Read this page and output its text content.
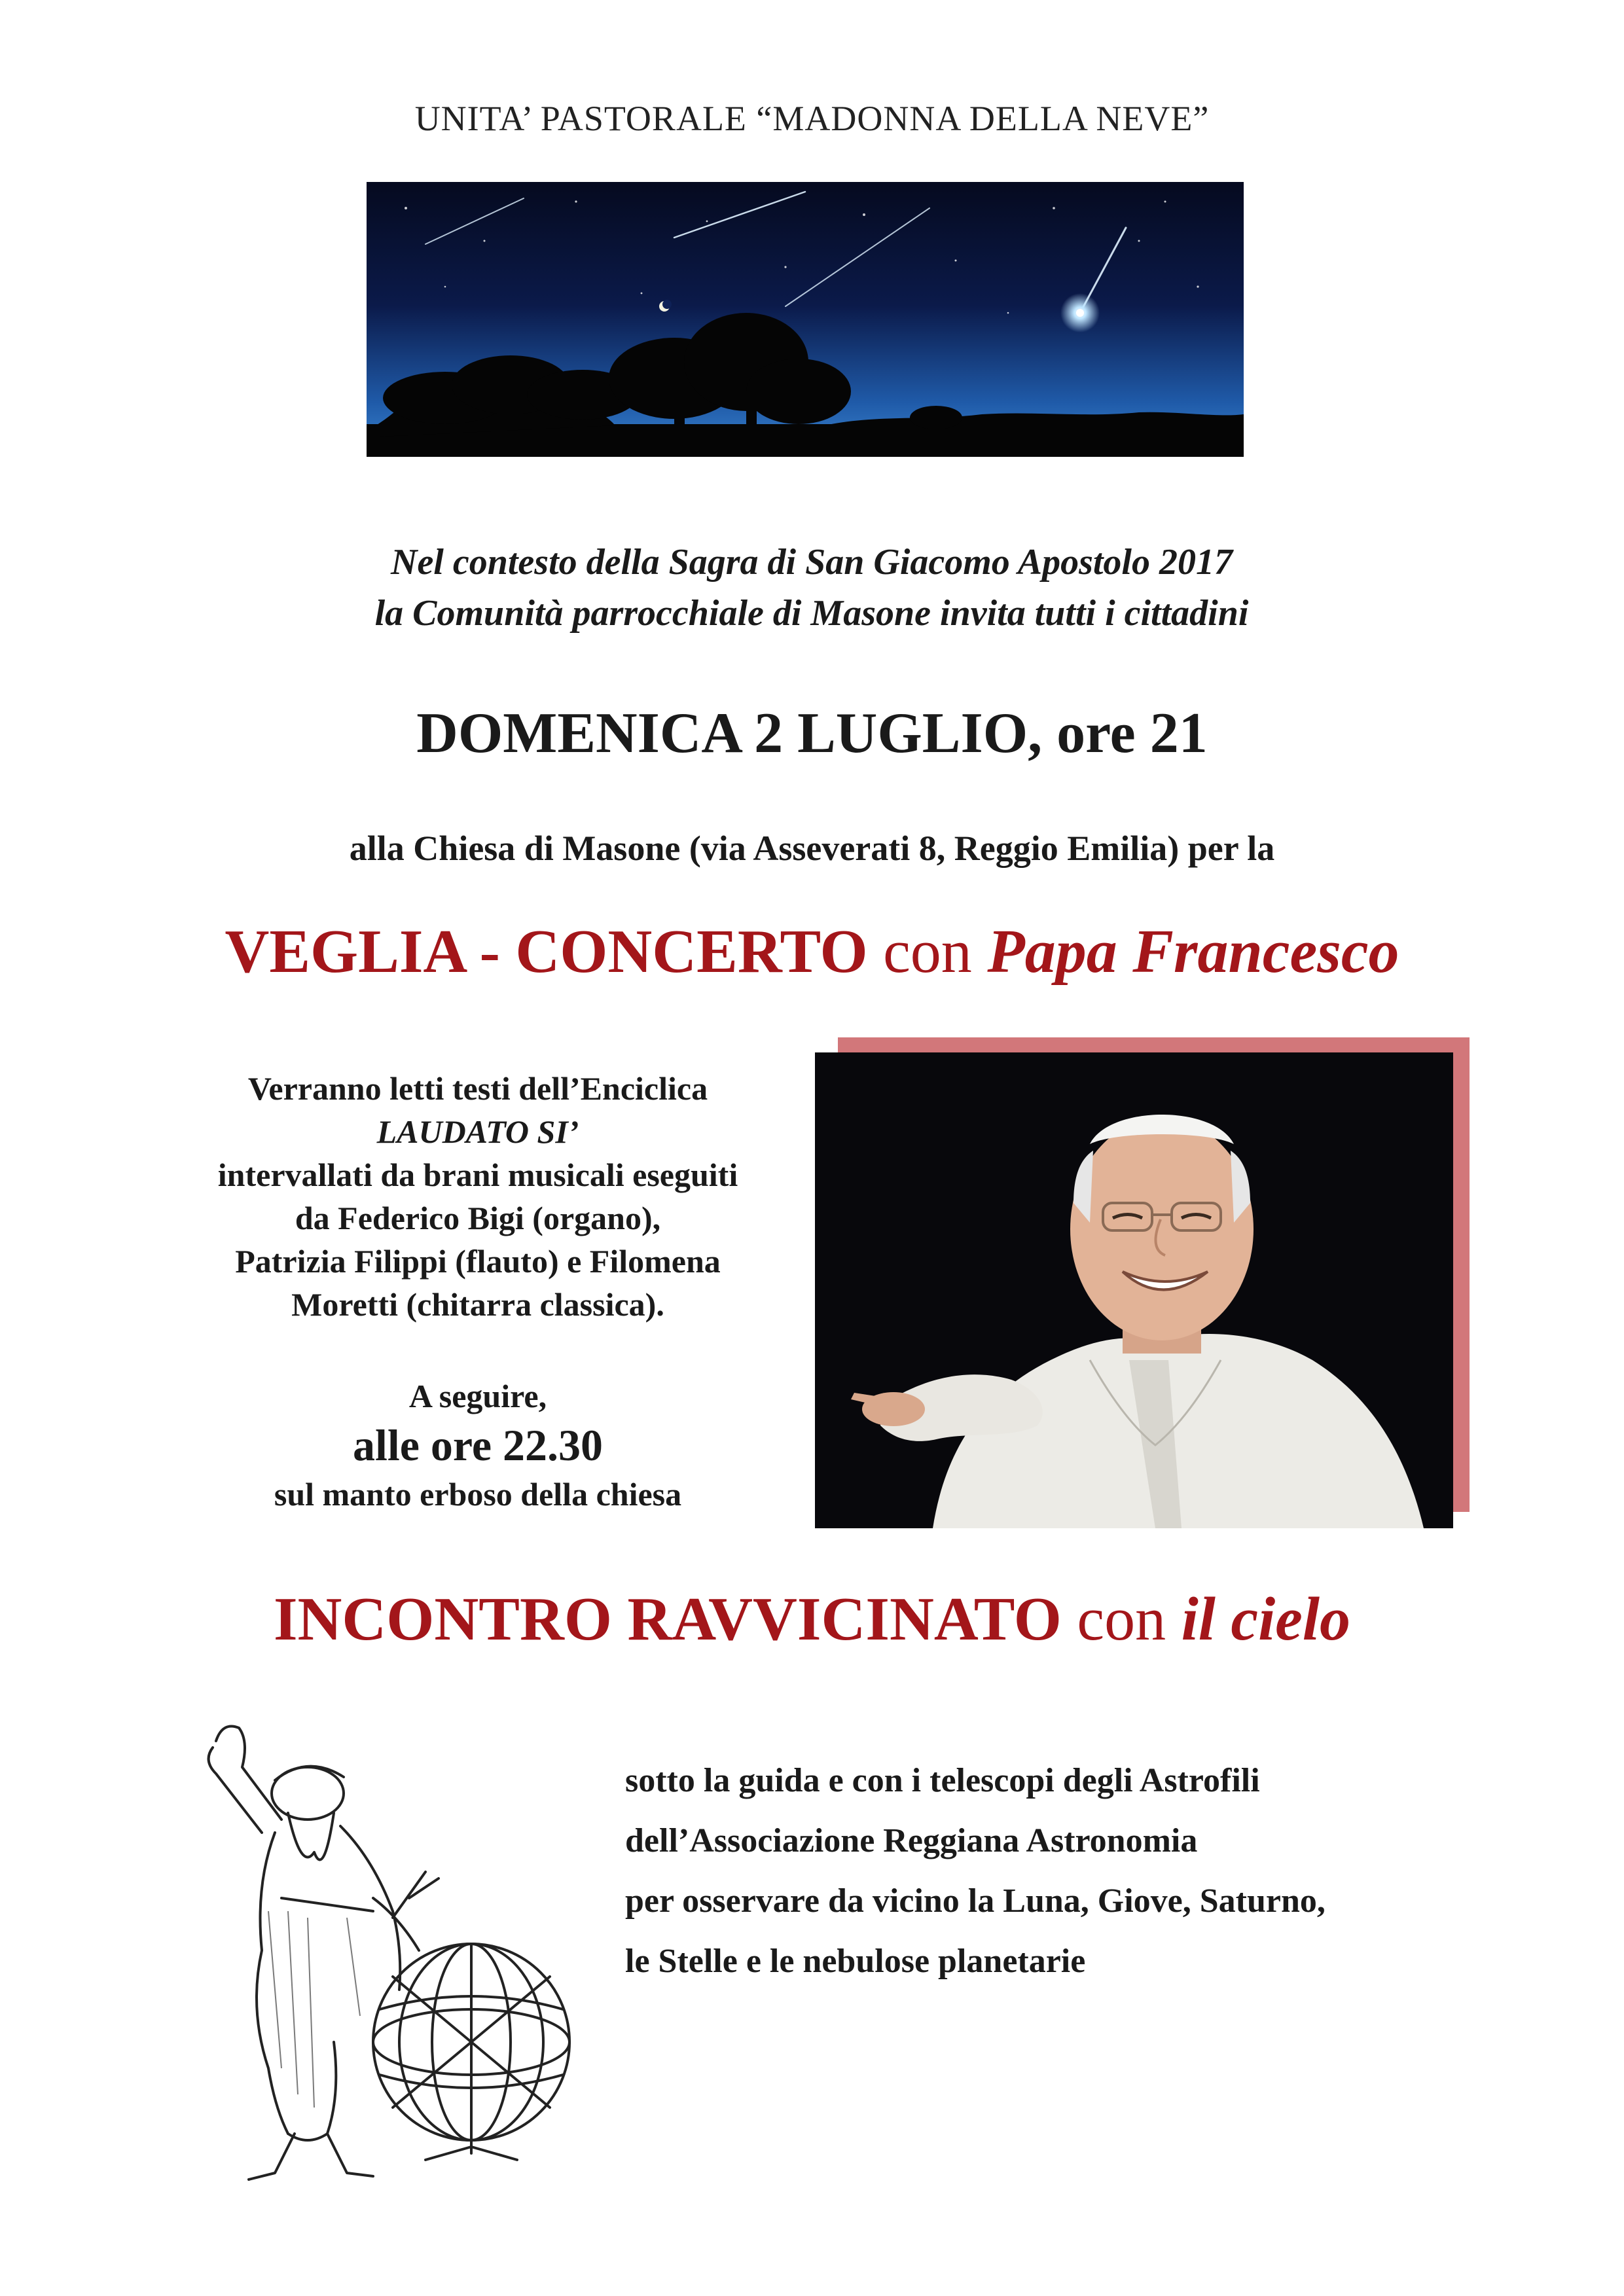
UNITA’ PASTORALE “MADONNA DELLA NEVE”
Nel contesto della Sagra di San Giacomo Apostolo 2017
la Comunità parrocchiale di Masone invita tutti i cittadini
DOMENICA 2 LUGLIO, ore 21
alla Chiesa di Masone (via Asseverati 8, Reggio Emilia) per la
VEGLIA - CONCERTO con Papa Francesco
Verranno letti testi dell’Enciclica
LAUDATO SI’
intervallati da brani musicali eseguiti
da Federico Bigi (organo),
Patrizia Filippi (flauto) e Filomena
Moretti (chitarra classica).
A seguire,
alle ore 22.30
sul manto erboso della chiesa
INCONTRO RAVVICINATO con il cielo
sotto la guida e con i telescopi degli Astrofili
dell’Associazione Reggiana Astronomia
per osservare da vicino la Luna, Giove, Saturno,
le Stelle e le nebulose planetarie
